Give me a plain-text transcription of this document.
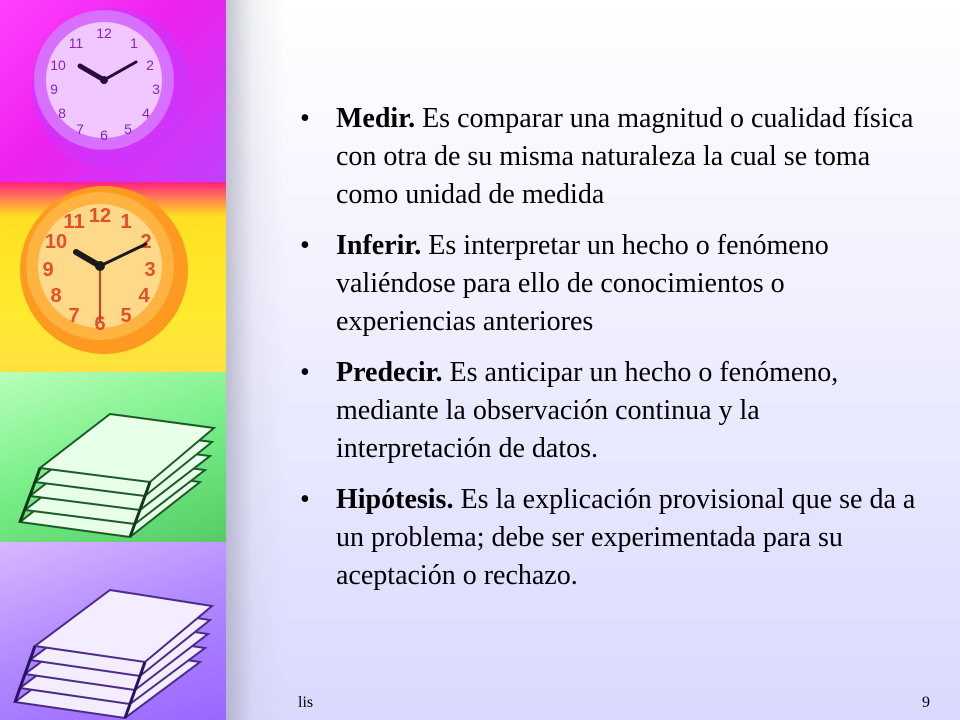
12
1
2
3
4
5
6
7
8
9
10
11
12 1
2
3
4
5
6
7
8
9
10
11
• Medir. Es comparar una magnitud o cualidad física con otra de su misma naturaleza la cual se toma como unidad de medida
• Inferir. Es interpretar un hecho o fenómeno valiéndose para ello de conocimientos o experiencias anteriores
• Predecir. Es anticipar un hecho o fenómeno, mediante la observación continua y la interpretación de datos.
• Hipótesis. Es la explicación provisional que se da a un problema; debe ser experimentada para su aceptación o rechazo.
lis	9
